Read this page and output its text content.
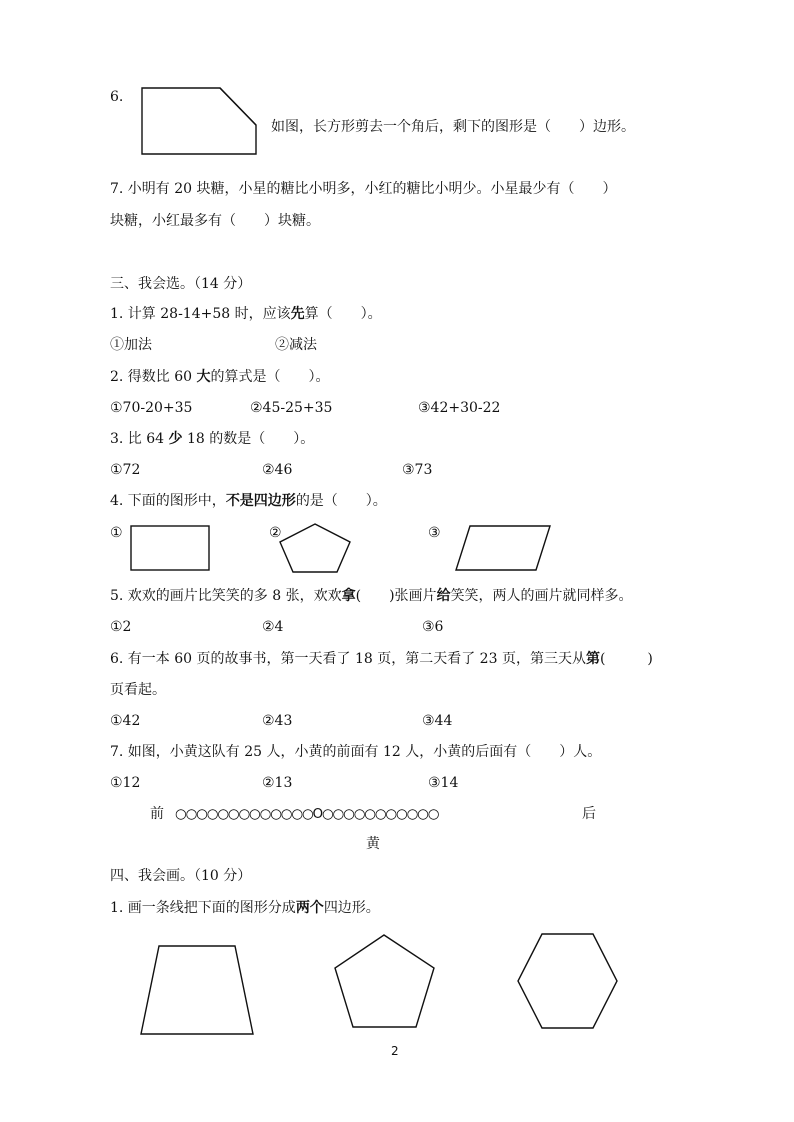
6.
如图，长方形剪去一个角后，剩下的图形是（　　）边形。
7. 小明有 20 块糖，小星的糖比小明多，小红的糖比小明少。小星最少有（　　）
块糖，小红最多有（　　）块糖。
三、我会选。（14 分）
1. 计算 28-14+58 时，应该先算（　　）。
①加法	②减法
2. 得数比 60 大的算式是（　　）。
①70-20+35	②45-25+35	③42+30-22
3. 比 64 少 18 的数是（　　）。
①72	②46	③73
4. 下面的图形中，不是四边形的是（　　）。
①	②	③
5. 欢欢的画片比笑笑的多 8 张，欢欢拿(　　)张画片给笑笑，两人的画片就同样多。
①2	②4	③6
6. 有一本 60 页的故事书，第一天看了 18 页，第二天看了 23 页，第三天从第(　　　)
页看起。
①42	②43	③44
7. 如图，小黄这队有 25 人，小黄的前面有 12 人，小黄的后面有（　　）人。
①12	②13	③14
前 ○○○○○○○○○○○○○O○○○○○○○○○○○	后
黄
四、我会画。（10 分）
1. 画一条线把下面的图形分成两个四边形。
2
